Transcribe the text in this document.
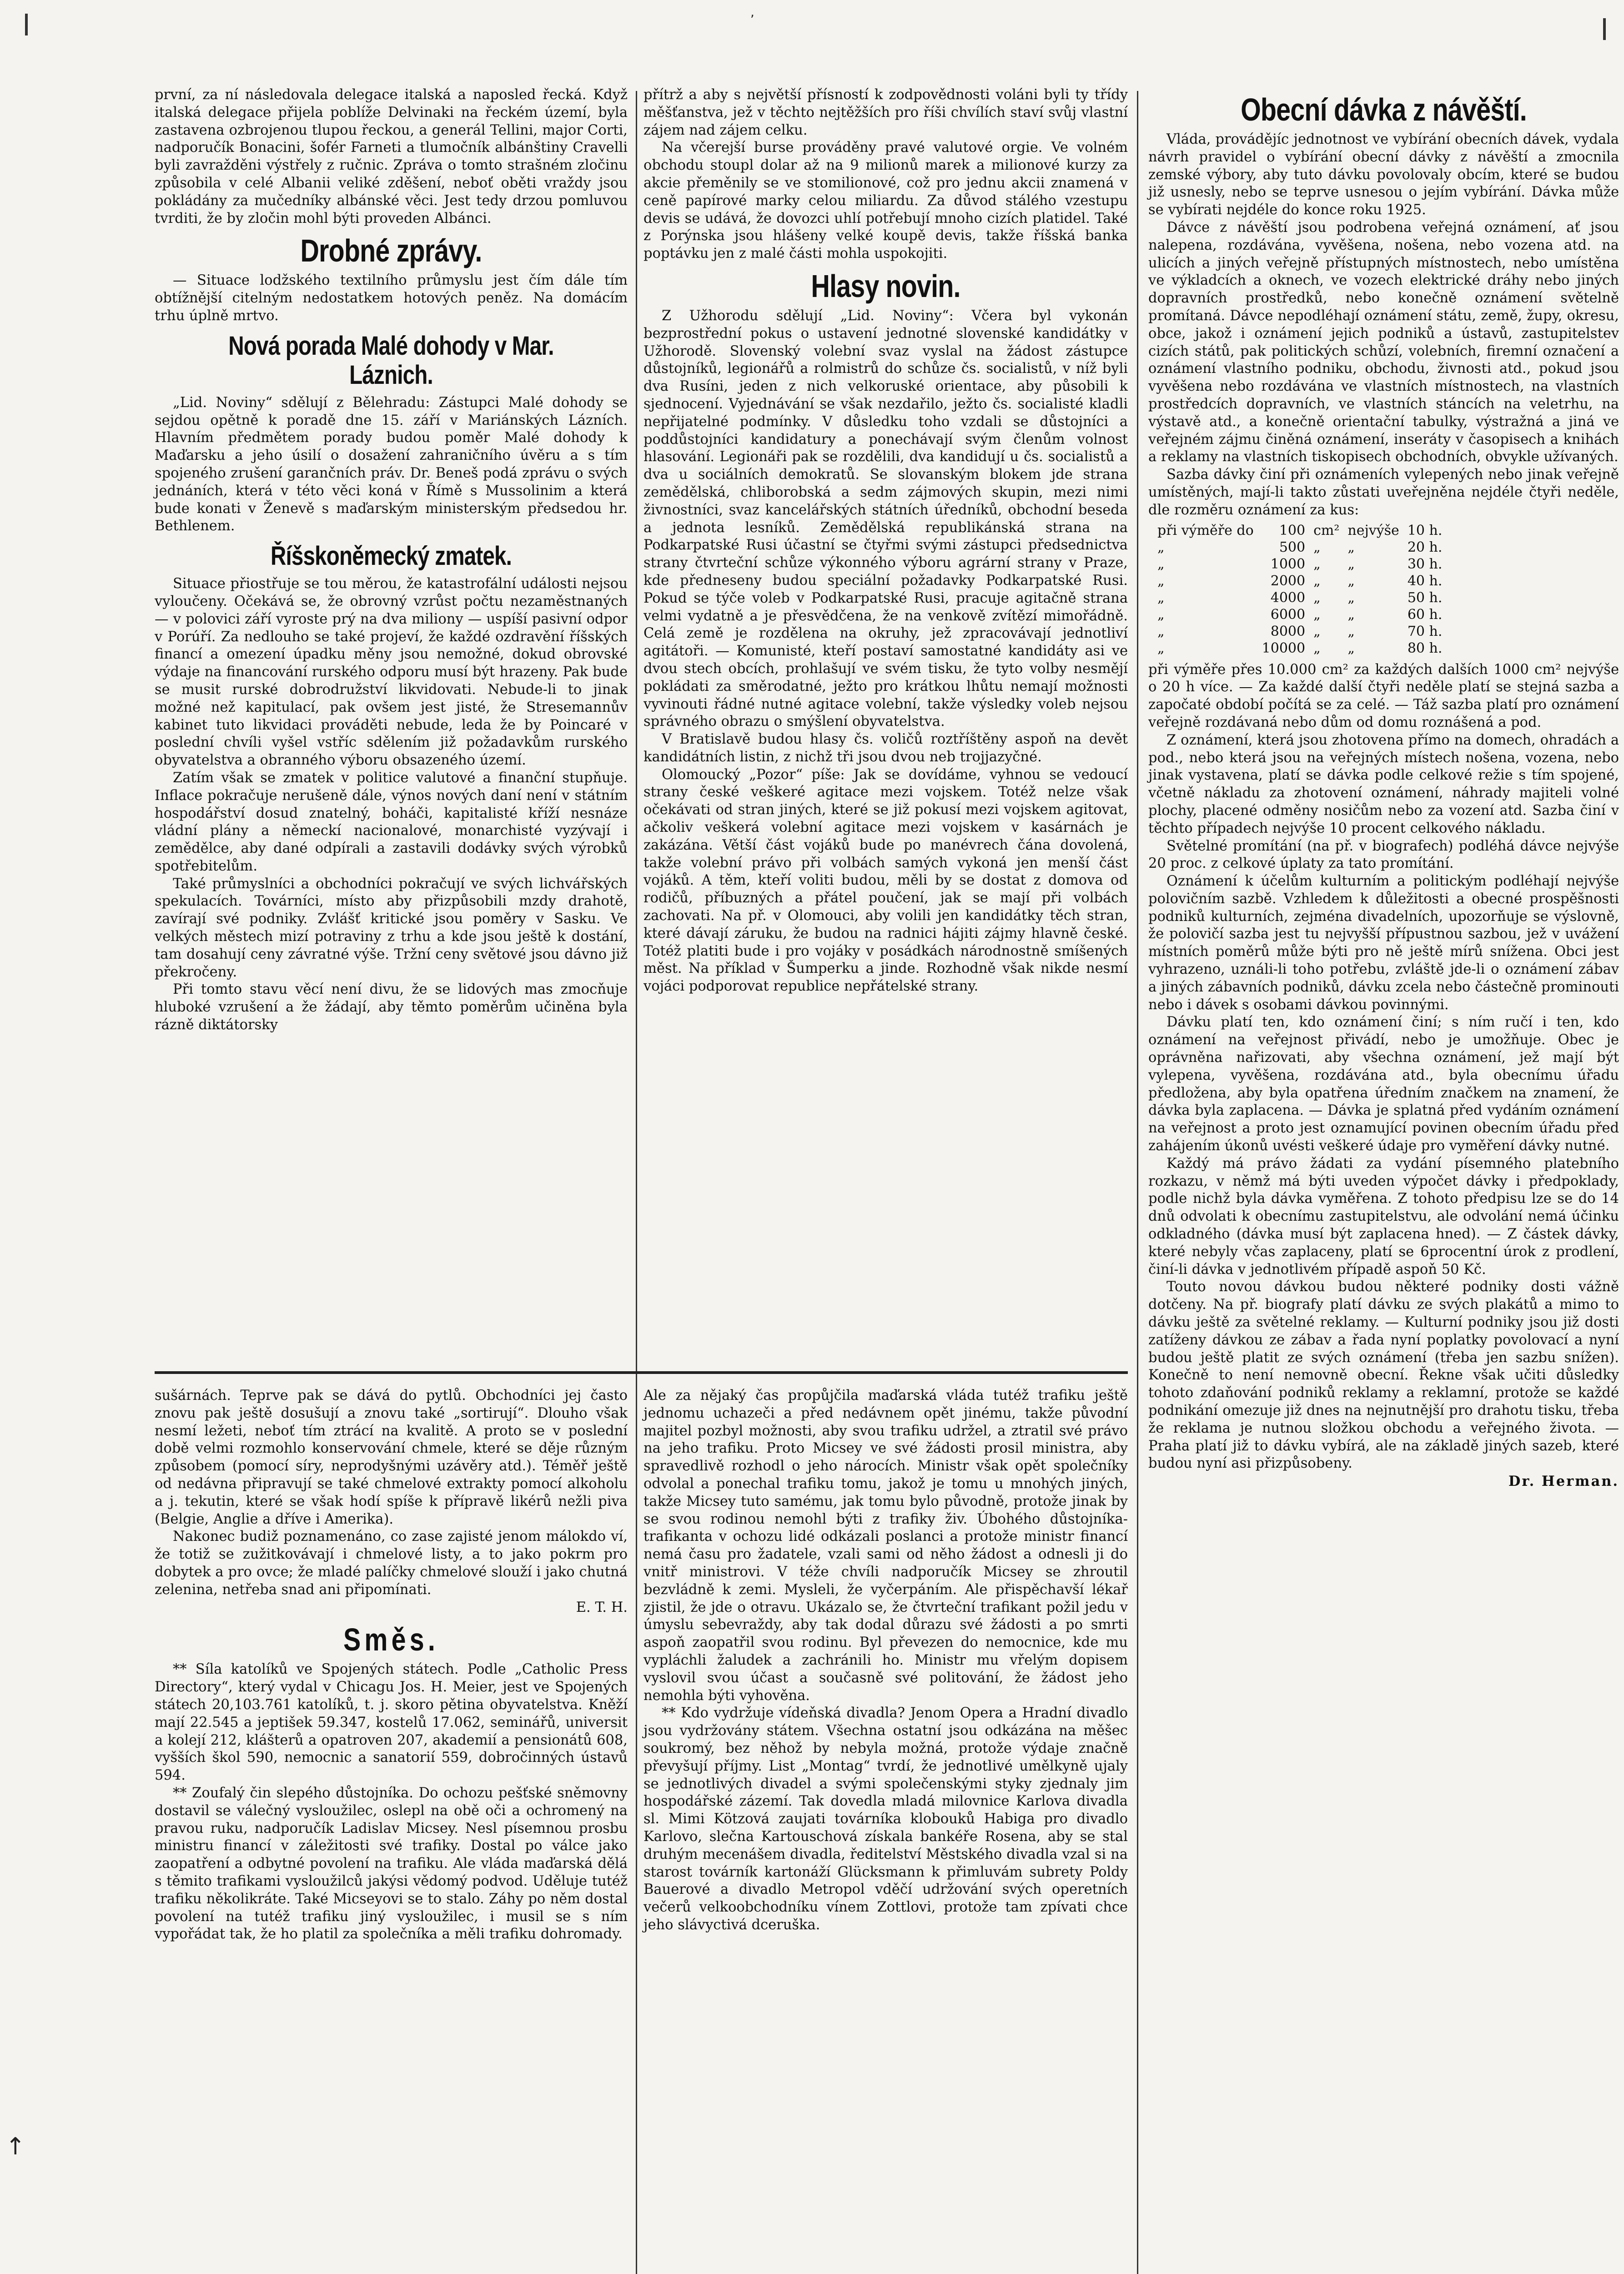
,
↑

první, za ní následovala delegace italská a naposled řecká. Když italská delegace přijela poblíže Delvinaki na řeckém území, byla zastavena ozbrojenou tlupou řeckou, a generál Tellini, major Corti, nadporučík Bonacini, šofér Farneti a tlumočník albánštiny Cravelli byli zavražděni výstřely z ručnic. Zpráva o tomto strašném zločinu způsobila v celé Albanii veliké zděšení, neboť oběti vraždy jsou pokládány za mučedníky albánské věci. Jest tedy drzou pomluvou tvrditi, že by zločin mohl býti proveden Albánci.

Drobné zprávy.

— Situace lodžského textilního průmyslu jest čím dále tím obtížnější citelným nedostatkem hotových peněz. Na domácím trhu úplně mrtvo.

Nová porada Malé dohody v Mar. Láznich.

„Lid. Noviny“ sdělují z Bělehradu: Zástupci Malé dohody se sejdou opětně k poradě dne 15. září v Mariánských Lázních. Hlavním předmětem porady budou poměr Malé dohody k Maďarsku a jeho úsilí o dosažení zahraničního úvěru a s tím spojeného zrušení garančních práv. Dr. Beneš podá zprávu o svých jednáních, která v této věci koná v Římě s Mussolinim a která bude konati v Ženevě s maďarským ministerským předsedou hr. Bethlenem.

Říšskoněmecký zmatek.

Situace přiostřuje se tou měrou, že katastrofální události nejsou vyloučeny. Očekává se, že obrovný vzrůst počtu nezaměstnaných — v polovici září vyroste prý na dva miliony — uspíší pasivní odpor v Porúří. Za nedlouho se také projeví, že každé ozdravění říšských financí a omezení úpadku měny jsou nemožné, dokud obrovské výdaje na financování rurského odporu musí být hrazeny. Pak bude se musit rurské dobrodružství likvidovati. Nebude-li to jinak možné než kapitulací, pak ovšem jest jisté, že Stresemannův kabinet tuto likvidaci prováděti nebude, leda že by Poincaré v poslední chvíli vyšel vstříc sdělením již požadavkům rurského obyvatelstva a obranného výboru obsazeného území.

Zatím však se zmatek v politice valutové a finanční stupňuje. Inflace pokračuje nerušeně dále, výnos nových daní není v státním hospodářství dosud znatelný, boháči, kapitalisté kříží nesnáze vládní plány a německí nacionalové, monarchisté vyzývají i zemědělce, aby dané odpírali a zastavili dodávky svých výrobků spotřebitelům.

Také průmyslníci a obchodníci pokračují ve svých lichvářských spekulacích. Továrníci, místo aby přizpůsobili mzdy drahotě, zavírají své podniky. Zvlášť kritické jsou poměry v Sasku. Ve velkých městech mizí potraviny z trhu a kde jsou ještě k dostání, tam dosahují ceny závratné výše. Tržní ceny světové jsou dávno již překročeny.

Při tomto stavu věcí není divu, že se lidových mas zmocňuje hluboké vzrušení a že žádají, aby těmto poměrům učiněna byla rázně diktátorsky

přítrž a aby s největší přísností k zodpovědnosti voláni byli ty třídy měšťanstva, jež v těchto nejtěžších pro říši chvílích staví svůj vlastní zájem nad zájem celku.

Na včerejší burse prováděny pravé valutové orgie. Ve volném obchodu stoupl dolar až na 9 milionů marek a milionové kurzy za akcie přeměnily se ve stomilionové, což pro jednu akcii znamená v ceně papírové marky celou miliardu. Za důvod stálého vzestupu devis se udává, že dovozci uhlí potřebují mnoho cizích platidel. Také z Porýnska jsou hlášeny velké koupě devis, takže říšská banka poptávku jen z malé části mohla uspokojiti.

Hlasy novin.

Z Užhorodu sdělují „Lid. Noviny“: Včera byl vykonán bezprostřední pokus o ustavení jednotné slovenské kandidátky v Užhorodě. Slovenský volební svaz vyslal na žádost zástupce důstojníků, legionářů a rolmistrů do schůze čs. socialistů, v níž byli dva Rusíni, jeden z nich velkoruské orientace, aby působili k sjednocení. Vyjednávání se však nezdařilo, ježto čs. socialisté kladli nepřijatelné podmínky. V důsledku toho vzdali se důstojníci a poddůstojníci kandidatury a ponechávají svým členům volnost hlasování. Legionáři pak se rozdělili, dva kandidují u čs. socialistů a dva u sociálních demokratů. Se slovanským blokem jde strana zemědělská, chliborobská a sedm zájmových skupin, mezi nimi živnostníci, svaz kancelářských státních úředníků, obchodní beseda a jednota lesníků. Zemědělská republikánská strana na Podkarpatské Rusi účastní se čtyřmi svými zástupci předsednictva strany čtvrteční schůze výkonného výboru agrární strany v Praze, kde předneseny budou speciální požadavky Podkarpatské Rusi. Pokud se týče voleb v Podkarpatské Rusi, pracuje agitačně strana velmi vydatně a je přesvědčena, že na venkově zvítězí mimořádně. Celá země je rozdělena na okruhy, jež zpracovávají jednotliví agitátoři. — Komunisté, kteří postaví samostatné kandidáty asi ve dvou stech obcích, prohlašují ve svém tisku, že tyto volby nesmějí pokládati za směrodatné, ježto pro krátkou lhůtu nemají možnosti vyvinouti řádné nutné agitace volební, takže výsledky voleb nejsou správného obrazu o smýšlení obyvatelstva.

V Bratislavě budou hlasy čs. voličů roztříštěny aspoň na devět kandidátních listin, z nichž tři jsou dvou neb trojjazyčné.

Olomoucký „Pozor“ píše: Jak se dovídáme, vyhnou se vedoucí strany české veškeré agitace mezi vojskem. Totéž nelze však očekávati od stran jiných, které se již pokusí mezi vojskem agitovat, ačkoliv veškerá volební agitace mezi vojskem v kasárnách je zakázána. Větší část vojáků bude po manévrech čána dovolená, takže volební právo při volbách samých vykoná jen menší část vojáků. A těm, kteří voliti budou, měli by se dostat z domova od rodičů, příbuzných a přátel poučení, jak se mají při volbách zachovati. Na př. v Olomouci, aby volili jen kandidátky těch stran, které dávají záruku, že budou na radnici hájiti zájmy hlavně české. Totéž platiti bude i pro vojáky v posádkách národnostně smíšených měst. Na příklad v Šumperku a jinde. Rozhodně však nikde nesmí vojáci podporovat republice nepřátelské strany.

Obecní dávka z návěští.

Vláda, provádějíc jednotnost ve vybírání obecních dávek, vydala návrh pravidel o vybírání obecní dávky z návěští a zmocnila zemské výbory, aby tuto dávku povolovaly obcím, které se budou již usnesly, nebo se teprve usnesou o jejím vybírání. Dávka může se vybírati nejdéle do konce roku 1925.

Dávce z návěští jsou podrobena veřejná oznámení, ať jsou nalepena, rozdávána, vyvěšena, nošena, nebo vozena atd. na ulicích a jiných veřejně přístupných místnostech, nebo umístěna ve výkladcích a oknech, ve vozech elektrické dráhy nebo jiných dopravních prostředků, nebo konečně oznámení světelně promítaná. Dávce nepodléhají oznámení státu, země, župy, okresu, obce, jakož i oznámení jejich podniků a ústavů, zastupitelstev cizích států, pak politických schůzí, volebních, firemní označení a oznámení vlastního podniku, obchodu, živnosti atd., pokud jsou vyvěšena nebo rozdávána ve vlastních místnostech, na vlastních prostředcích dopravních, ve vlastních stáncích na veletrhu, na výstavě atd., a konečně orientační tabulky, výstražná a jiná ve veřejném zájmu činěná oznámení, inseráty v časopisech a knihách a reklamy na vlastních tiskopisech obchodních, obvykle užívaných.

Sazba dávky činí při oznámeních vylepených nebo jinak veřejně umístěných, mají-li takto zůstati uveřejněna nejdéle čtyři neděle, dle rozměru oznámení za kus:

při výměře do	100	cm²	nejvýše	10 h.
„	500	„	„	20 h.
„	1000	„	„	30 h.
„	2000	„	„	40 h.
„	4000	„	„	50 h.
„	6000	„	„	60 h.
„	8000	„	„	70 h.
„	10000	„	„	80 h.

při výměře přes 10.000 cm² za každých dalších 1000 cm² nejvýše o 20 h více. — Za každé další čtyři neděle platí se stejná sazba a započaté období počítá se za celé. — Táž sazba platí pro oznámení veřejně rozdávaná nebo dům od domu roznášená a pod.

Z oznámení, která jsou zhotovena přímo na domech, ohradách a pod., nebo která jsou na veřejných místech nošena, vozena, nebo jinak vystavena, platí se dávka podle celkové režie s tím spojené, včetně nákladu za zhotovení oznámení, náhrady majiteli volné plochy, placené odměny nosičům nebo za vození atd. Sazba činí v těchto případech nejvýše 10 procent celkového nákladu.

Světelné promítání (na př. v biografech) podléhá dávce nejvýše 20 proc. z celkové úplaty za tato promítání.

Oznámení k účelům kulturním a politickým podléhají nejvýše polovičním sazbě. Vzhledem k důležitosti a obecné prospěšnosti podniků kulturních, zejména divadelních, upozorňuje se výslovně, že polovičí sazba jest tu nejvyšší přípustnou sazbou, jež v uvážení místních poměrů může býti pro ně ještě mírů snížena. Obci jest vyhrazeno, uználi-li toho potřebu, zvláště jde-li o oznámení zábav a jiných zábavních podniků, dávku zcela nebo částečně prominouti nebo i dávek s osobami dávkou povinnými.

Dávku platí ten, kdo oznámení činí; s ním ručí i ten, kdo oznámení na veřejnost přivádí, nebo je umožňuje. Obec je oprávněna nařizovati, aby všechna oznámení, jež mají být vylepena, vyvěšena, rozdávána atd., byla obecnímu úřadu předložena, aby byla opatřena úředním značkem na znamení, že dávka byla zaplacena. — Dávka je splatná před vydáním oznámení na veřejnost a proto jest oznamující povinen obecním úřadu před zahájením úkonů uvésti veškeré údaje pro vyměření dávky nutné.

Každý má právo žádati za vydání písemného platebního rozkazu, v němž má býti uveden výpočet dávky i předpoklady, podle nichž byla dávka vyměřena. Z tohoto předpisu lze se do 14 dnů odvolati k obecnímu zastupitelstvu, ale odvolání nemá účinku odkladného (dávka musí být zaplacena hned). — Z částek dávky, které nebyly včas zaplaceny, platí se 6procentní úrok z prodlení, činí-li dávka v jednotlivém případě aspoň 50 Kč.

Touto novou dávkou budou některé podniky dosti vážně dotčeny. Na př. biografy platí dávku ze svých plakátů a mimo to dávku ještě za světelné reklamy. — Kulturní podniky jsou již dosti zatíženy dávkou ze zábav a řada nyní poplatky povolovací a nyní budou ještě platit ze svých oznámení (třeba jen sazbu snížen). Konečně to není nemovně obecní. Řekne však učiti důsledky tohoto zdaňování podniků reklamy a reklamní, protože se každé podnikání omezuje již dnes na nejnutnější pro drahotu tisku, třeba že reklama je nutnou složkou obchodu a veřejného života. — Praha platí již to dávku vybírá, ale na základě jiných sazeb, které budou nyní asi přizpůsobeny.

Dr. Herman.

sušárnách. Teprve pak se dává do pytlů. Obchodníci jej často znovu pak ještě dosušují a znovu také „sortirují“. Dlouho však nesmí ležeti, neboť tím ztrácí na kvalitě. A proto se v poslední době velmi rozmohlo konservování chmele, které se děje různým způsobem (pomocí síry, neprodyšnými uzávěry atd.). Téměř ještě od nedávna připravují se také chmelové extrakty pomocí alkoholu a j. tekutin, které se však hodí spíše k přípravě likérů nežli piva (Belgie, Anglie a dříve i Amerika).

Nakonec budiž poznamenáno, co zase zajisté jenom málokdo ví, že totiž se zužitkovávají i chmelové listy, a to jako pokrm pro dobytek a pro ovce; že mladé palíčky chmelové slouží i jako chutná zelenina, netřeba snad ani připomínati.

E. T. H.

Směs.

** Síla katolíků ve Spojených státech. Podle „Catholic Press Directory“, který vydal v Chicagu Jos. H. Meier, jest ve Spojených státech 20,103.761 katolíků, t. j. skoro pětina obyvatelstva. Kněží mají 22.545 a jeptišek 59.347, kostelů 17.062, seminářů, universit a kolejí 212, klášterů a opatroven 207, akademií a pensionátů 608, vyšších škol 590, nemocnic a sanatorií 559, dobročinných ústavů 594.

** Zoufalý čin slepého důstojníka. Do ochozu pešťské sněmovny dostavil se válečný vysloužilec, oslepl na obě oči a ochromený na pravou ruku, nadporučík Ladislav Micsey. Nesl písemnou prosbu ministru financí v záležitosti své trafiky. Dostal po válce jako zaopatření a odbytné povolení na trafiku. Ale vláda maďarská dělá s těmito trafikami vysloužilců jakýsi vědomý podvod. Uděluje tutéž trafiku několikráte. Také Micseyovi se to stalo. Záhy po něm dostal povolení na tutéž trafiku jiný vysloužilec, i musil se s ním vypořádat tak, že ho platil za společníka a měli trafiku dohromady.

Ale za nějaký čas propůjčila maďarská vláda tutéž trafiku ještě jednomu uchazeči a před nedávnem opět jinému, takže původní majitel pozbyl možnosti, aby svou trafiku udržel, a ztratil své právo na jeho trafiku. Proto Micsey ve své žádosti prosil ministra, aby spravedlivě rozhodl o jeho nárocích. Ministr však opět společníky odvolal a ponechal trafiku tomu, jakož je tomu u mnohých jiných, takže Micsey tuto samému, jak tomu bylo původně, protože jinak by se svou rodinou nemohl býti z trafiky živ. Úbohého důstojníka-trafikanta v ochozu lidé odkázali poslanci a protože ministr financí nemá času pro žadatele, vzali sami od něho žádost a odnesli ji do vnitř ministrovi. V téže chvíli nadporučík Micsey se zhroutil bezvládně k zemi. Mysleli, že vyčerpáním. Ale přispěchavší lékař zjistil, že jde o otravu. Ukázalo se, že čtvrteční trafikant požil jedu v úmyslu sebevraždy, aby tak dodal důrazu své žádosti a po smrti aspoň zaopatřil svou rodinu. Byl převezen do nemocnice, kde mu vypláchli žaludek a zachránili ho. Ministr mu vřelým dopisem vyslovil svou účast a současně své politování, že žádost jeho nemohla býti vyhověna.

** Kdo vydržuje vídeňská divadla? Jenom Opera a Hradní divadlo jsou vydržovány státem. Všechna ostatní jsou odkázána na měšec soukromý, bez něhož by nebyla možná, protože výdaje značně převyšují příjmy. List „Montag“ tvrdí, že jednotlivé umělkyně ujaly se jednotlivých divadel a svými společenskými styky zjednaly jim hospodářské zázemí. Tak dovedla mladá milovnice Karlova divadla sl. Mimi Kötzová zaujati továrníka klobouků Habiga pro divadlo Karlovo, slečna Kartouschová získala bankéře Rosena, aby se stal druhým mecenášem divadla, ředitelství Městského divadla vzal si na starost továrník kartonáží Glücksmann k přimluvám subrety Poldy Bauerové a divadlo Metropol vděčí udržování svých operetních večerů velkoobchodníku vínem Zottlovi, protože tam zpívati chce jeho slávyctivá dceruška.
